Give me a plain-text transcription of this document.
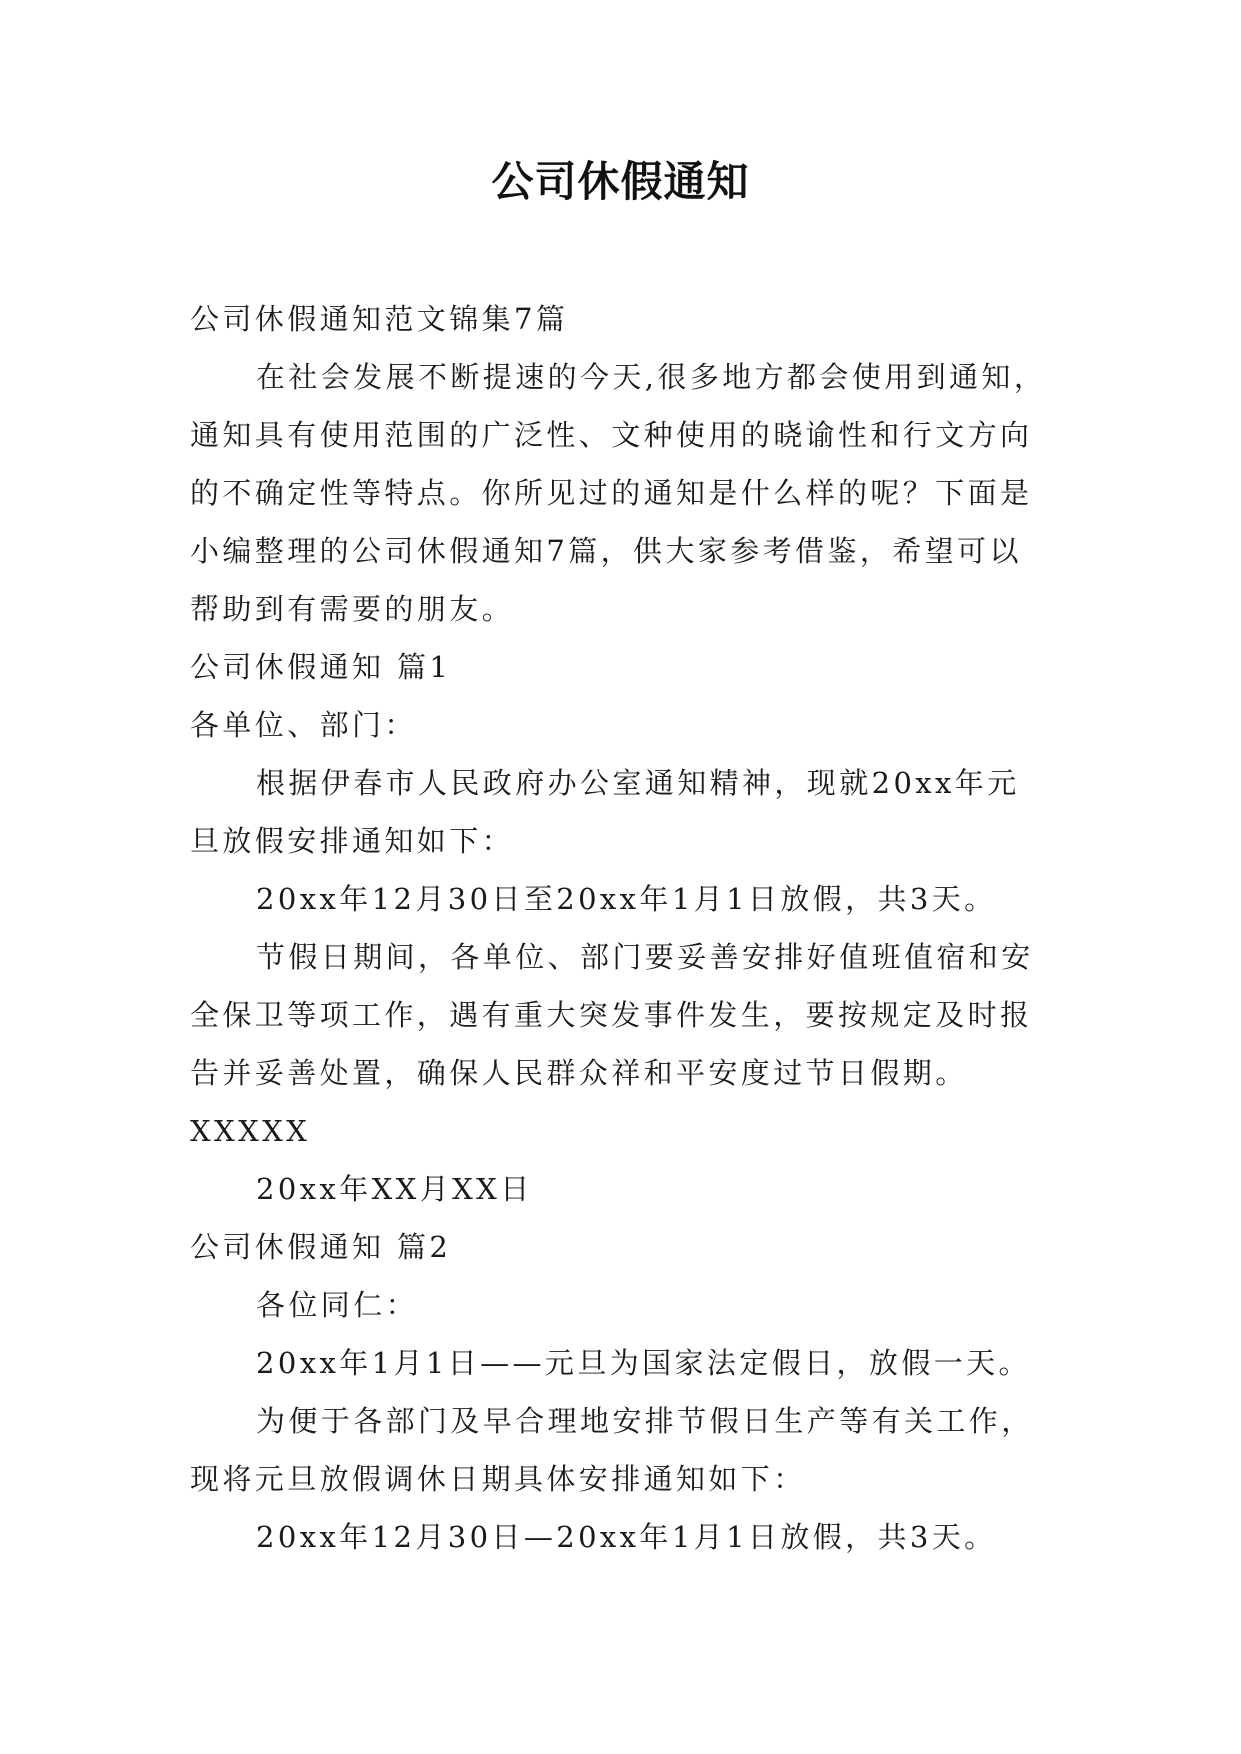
公司休假通知

公司休假通知范文锦集7篇

在社会发展不断提速的今天,很多地方都会使用到通知，

通知具有使用范围的广泛性、文种使用的晓谕性和行文方向

的不确定性等特点。你所见过的通知是什么样的呢？下面是

小编整理的公司休假通知7篇，供大家参考借鉴，希望可以

帮助到有需要的朋友。

公司休假通知 篇1

各单位、部门：

根据伊春市人民政府办公室通知精神，现就20xx年元

旦放假安排通知如下：

20xx年12月30日至20xx年1月1日放假，共3天。

节假日期间，各单位、部门要妥善安排好值班值宿和安

全保卫等项工作，遇有重大突发事件发生，要按规定及时报

告并妥善处置，确保人民群众祥和平安度过节日假期。

XXXXX

20xx年XX月XX日

公司休假通知 篇2

各位同仁：

20xx年1月1日——元旦为国家法定假日，放假一天。

为便于各部门及早合理地安排节假日生产等有关工作，

现将元旦放假调休日期具体安排通知如下：

20xx年12月30日—20xx年1月1日放假，共3天。
